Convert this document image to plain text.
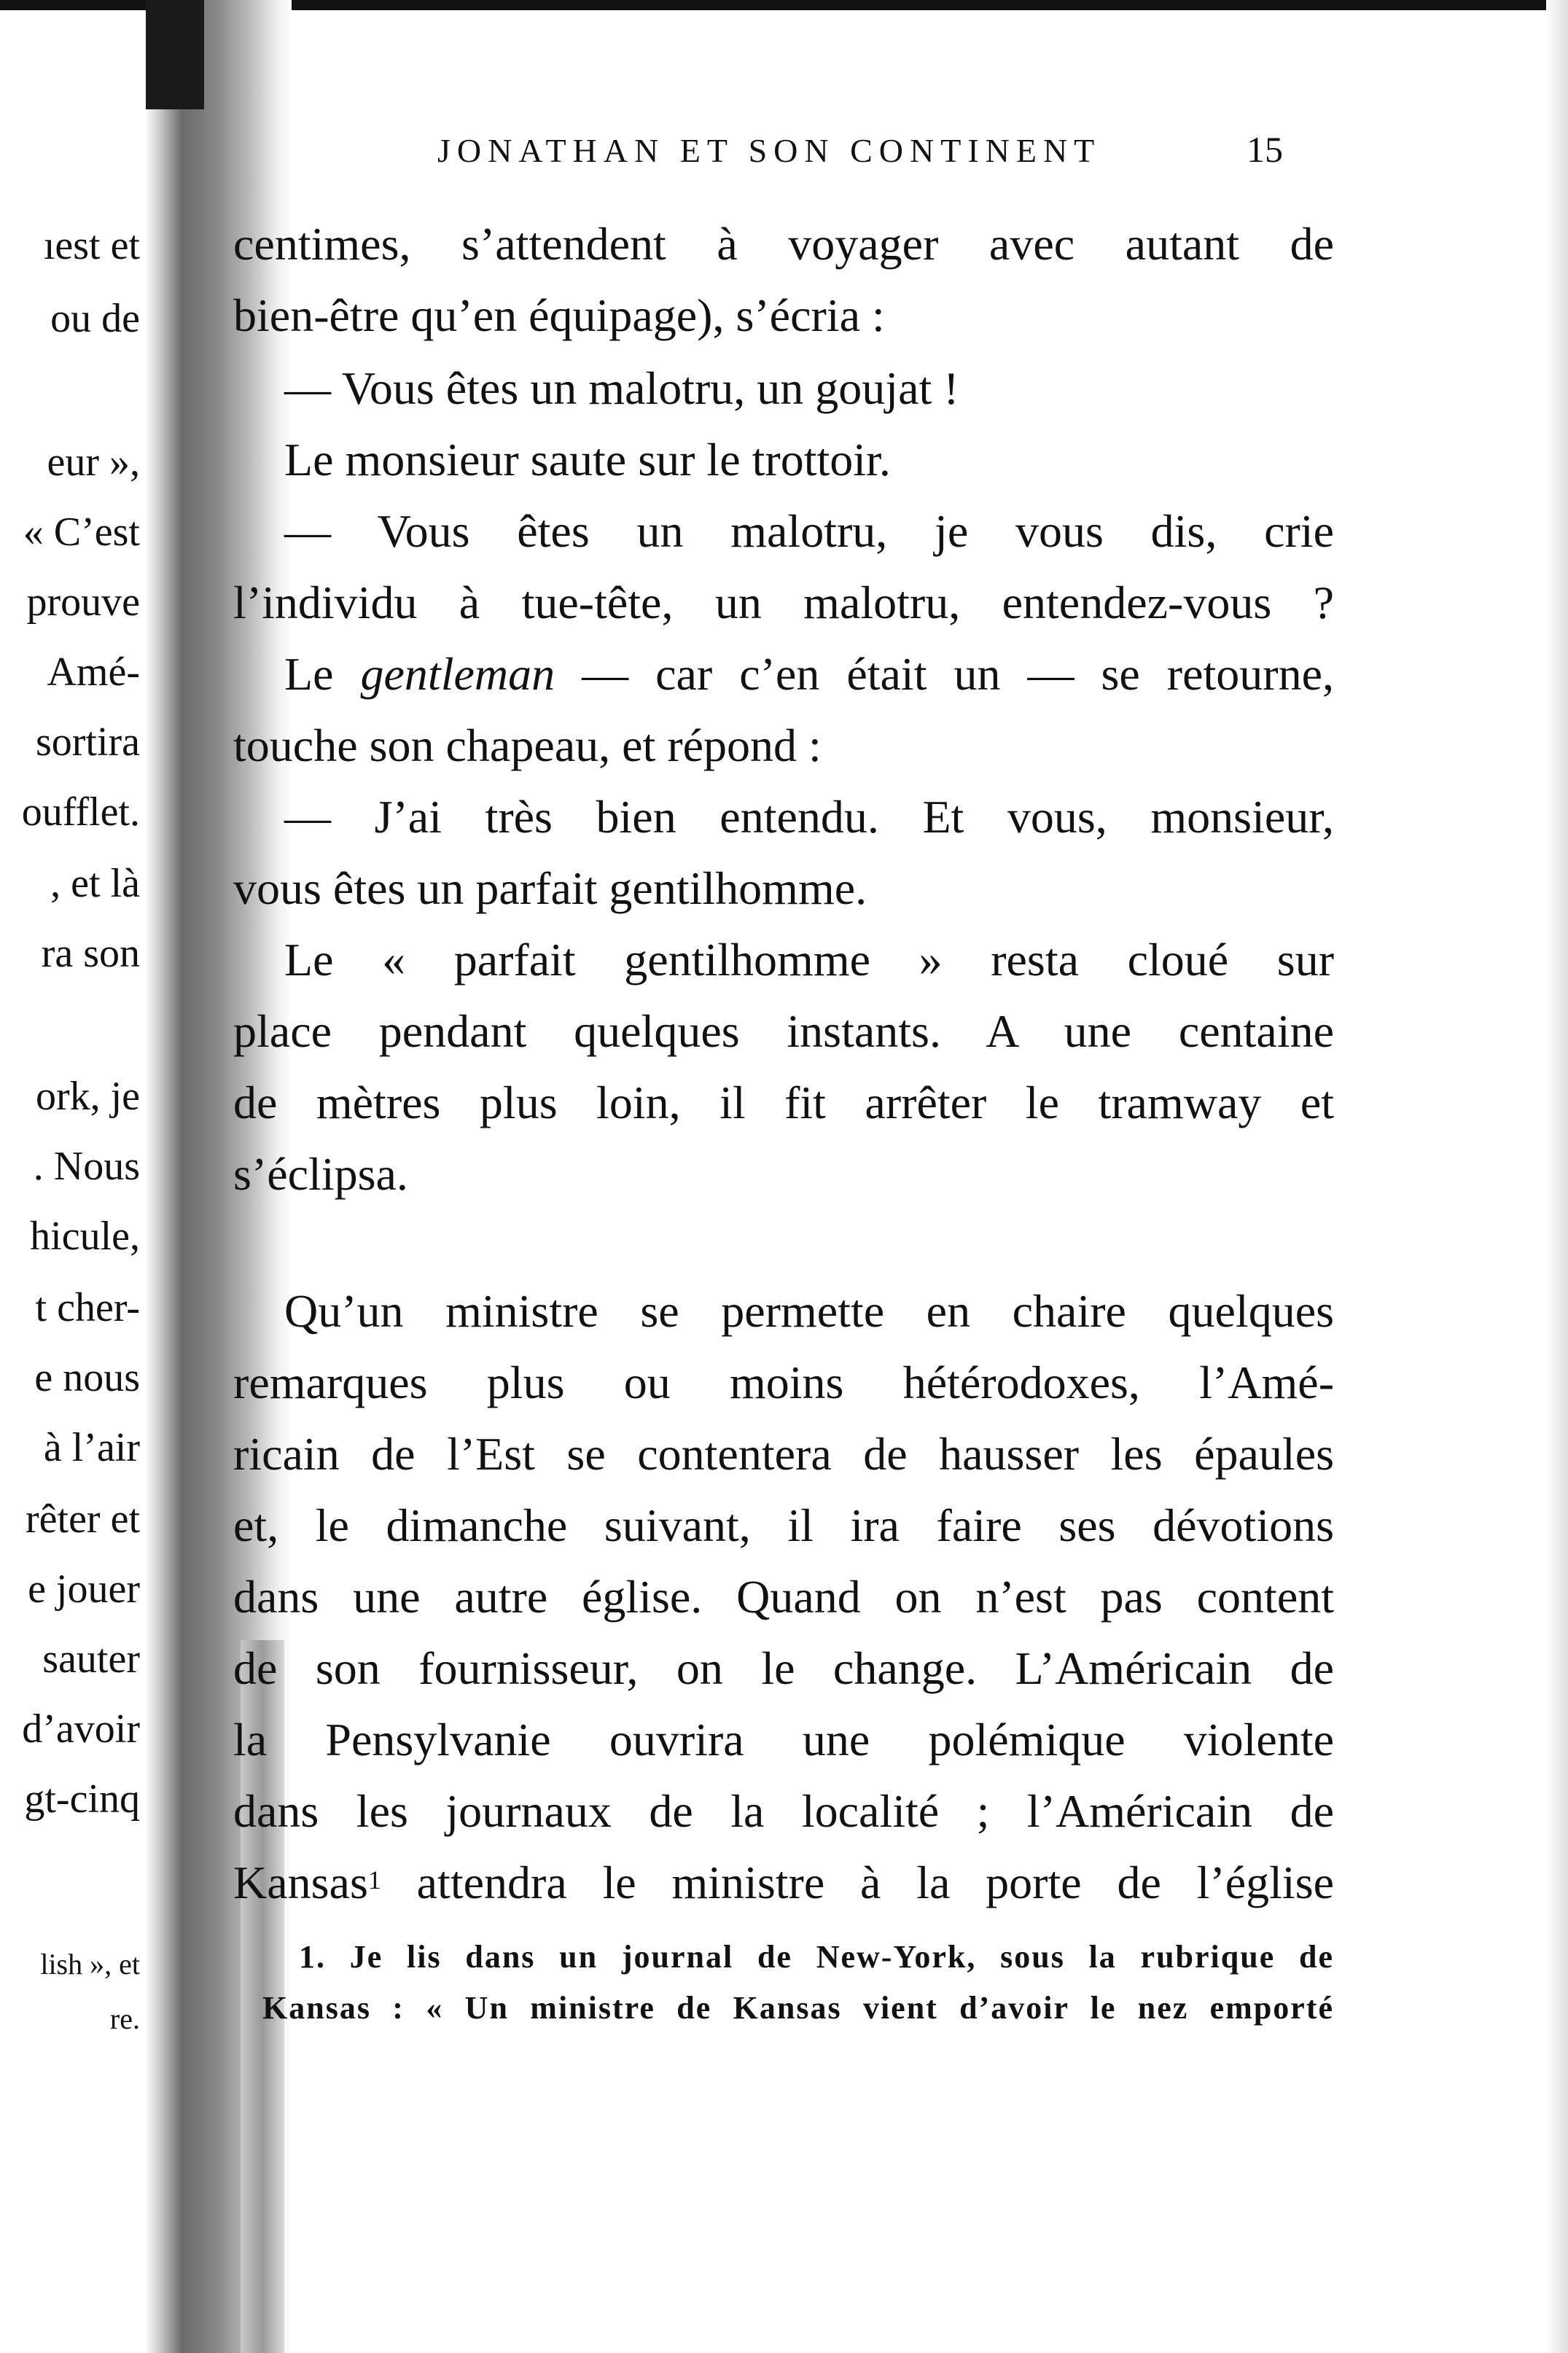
ıest et
ou de
eur »,
« C’est
prouve
Amé-
sortira
oufflet.
, et là
ra son
ork, je
. Nous
hicule,
t cher-
e nous
à l’air
rêter et
e jouer
sauter
d’avoir
gt-cinq
lish », et
re.
JONATHAN ET SON CONTINENT	15
centimes, s’attendent à voyager avec autant de
bien-être qu’en équipage), s’écria :
— Vous êtes un malotru, un goujat !
Le monsieur saute sur le trottoir.
— Vous êtes un malotru, je vous dis, crie
l’individu à tue-tête, un malotru, entendez-vous ?
Le gentleman — car c’en était un — se retourne,
touche son chapeau, et répond :
— J’ai très bien entendu. Et vous, monsieur,
vous êtes un parfait gentilhomme.
Le « parfait gentilhomme » resta cloué sur
place pendant quelques instants. A une centaine
de mètres plus loin, il fit arrêter le tramway et
s’éclipsa.
Qu’un ministre se permette en chaire quelques
remarques plus ou moins hétérodoxes, l’Amé-
ricain de l’Est se contentera de hausser les épaules
et, le dimanche suivant, il ira faire ses dévotions
dans une autre église. Quand on n’est pas content
de son fournisseur, on le change. L’Américain de
la Pensylvanie ouvrira une polémique violente
dans les journaux de la localité ; l’Américain de
Kansas$^1$ attendra le ministre à la porte de l’église
1. Je lis dans un journal de New-York, sous la rubrique de
Kansas : « Un ministre de Kansas vient d’avoir le nez emporté
